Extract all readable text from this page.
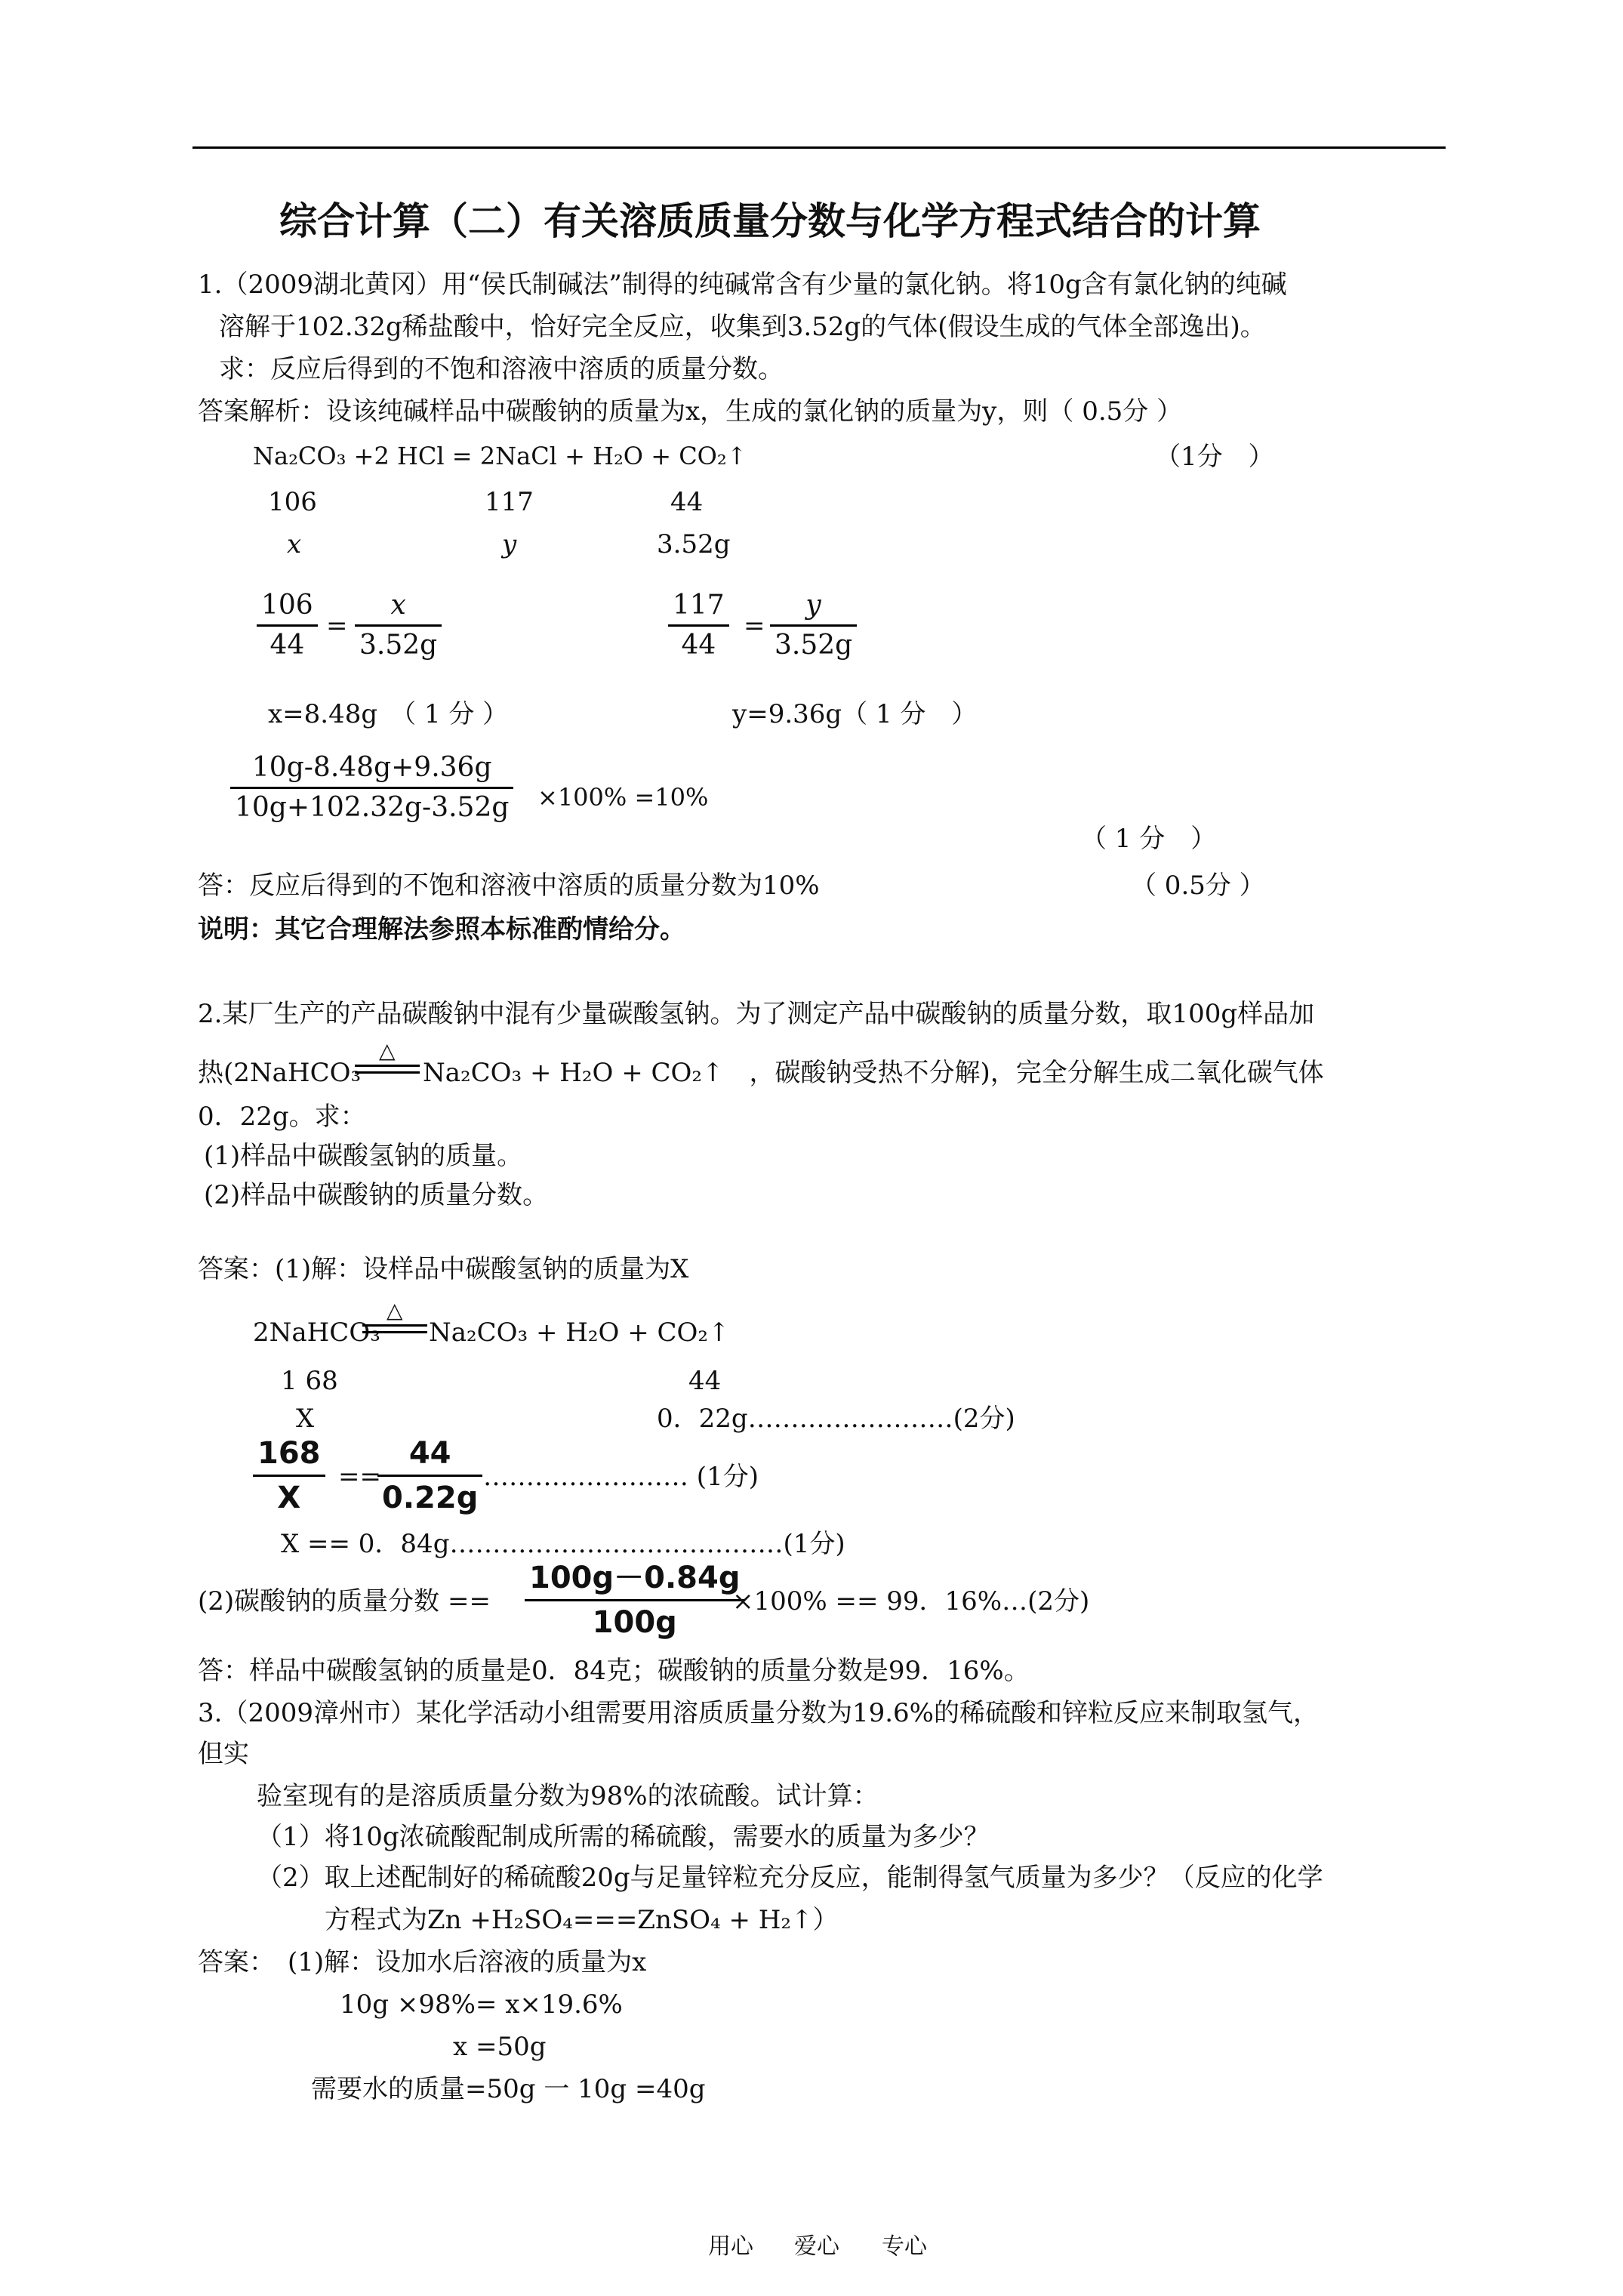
综合计算（二）有关溶质质量分数与化学方程式结合的计算
1.（2009湖北黄冈）用“侯氏制碱法”制得的纯碱常含有少量的氯化钠。将10g含有氯化钠的纯碱
溶解于102.32g稀盐酸中，恰好完全反应，收集到3.52g的气体(假设生成的气体全部逸出)。
求：反应后得到的不饱和溶液中溶质的质量分数。
答案解析：设该纯碱样品中碳酸钠的质量为x，生成的氯化钠的质量为y，则（ 0.5分 ）
Na₂CO₃ +2 HCl = 2NaCl + H₂O + CO₂↑	（1分　）
106	117	44
x	y	3.52g
106
44
=
x
3.52g
117
44
=
y
3.52g
x=8.48g　（ 1 分 ）	y=9.36g（ 1 分　）
10g-8.48g+9.36g
10g+102.32g-3.52g ×100% =10%
（ 1 分　）
答：反应后得到的不饱和溶液中溶质的质量分数为10%	（ 0.5分 ）
说明：其它合理解法参照本标准酌情给分。
2.某厂生产的产品碳酸钠中混有少量碳酸氢钠。为了测定产品中碳酸钠的质量分数，取100g样品加
热(2NaHCO₃
△
Na₂CO₃ + H₂O + CO₂↑　，碳酸钠受热不分解)，完全分解生成二氧化碳气体
0．22g。求：
(1)样品中碳酸氢钠的质量。
(2)样品中碳酸钠的质量分数。
答案：(1)解：设样品中碳酸氢钠的质量为X
2NaHCO₃
△
Na₂CO₃ + H₂O + CO₂↑
1 68	44
X	0．22g……………………(2分)
168
X
==
44
0.22g
…………………… (1分)
X == 0．84g…………………………………(1分)
(2)碳酸钠的质量分数 ==
100g－0.84g
100g
×100% == 99．16%…(2分)
答：样品中碳酸氢钠的质量是0．84克；碳酸钠的质量分数是99．16%。
3.（2009漳州市）某化学活动小组需要用溶质质量分数为19.6%的稀硫酸和锌粒反应来制取氢气，
但实
验室现有的是溶质质量分数为98%的浓硫酸。试计算：
（1）将10g浓硫酸配制成所需的稀硫酸，需要水的质量为多少？
（2）取上述配制好的稀硫酸20g与足量锌粒充分反应，能制得氢气质量为多少？（反应的化学
方程式为Zn +H₂SO₄===ZnSO₄ + H₂↑）
答案：　(1)解：设加水后溶液的质量为x
10g ×98%= x×19.6%
x =50g
需要水的质量=50g 一 10g =40g
用心 爱心 专心
